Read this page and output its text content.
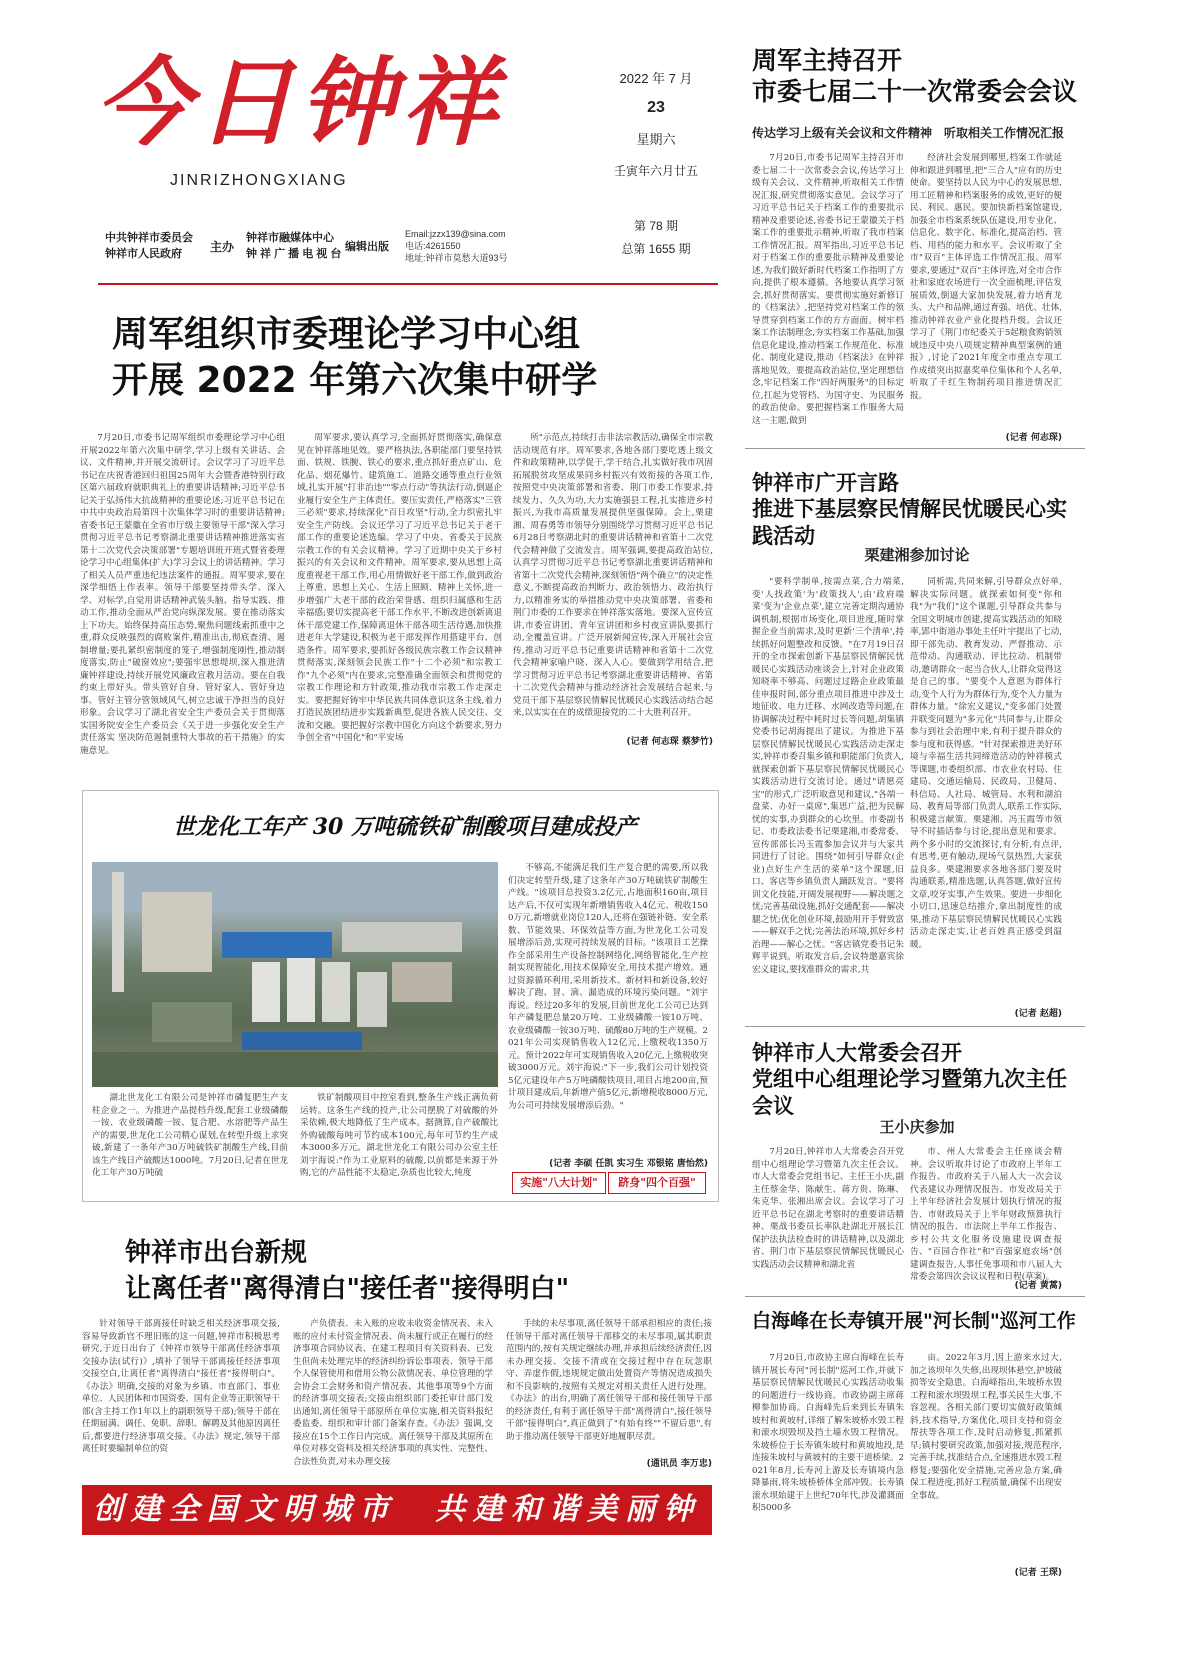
今日钟祥
JINRIZHONGXIANG
中共钟祥市委员会
钟祥市人民政府	主办
钟祥市融媒体中心
钟 祥 广 播 电 视 台
编辑出版
Email:jzzx139@sina.com
电话:4261550
地址:钟祥市莫愁大道93号
2022 年 7 月
23
星期六
壬寅年六月廿五
第 78 期
总第 1655 期
周军主持召开
市委七届二十一次常委会会议
传达学习上级有关会议和文件精神　听取相关工作情况汇报

7月20日,市委书记周军主持召开市委七届二十一次常委会会议,传达学习上级有关会议、文件精神,听取相关工作情况汇报,研究贯彻落实意见。会议学习了习近平总书记关于档案工作的重要批示精神及重要论述,省委书记王蒙徽关于档案工作的重要批示精神,听取了我市档案工作情况汇报。周军指出,习近平总书记对于档案工作的重要批示精神及重要论述,为我们做好新时代档案工作指明了方向,提供了根本遵循。各地要认真学习领会,抓好贯彻落实。要贯彻实施好新修订的《档案法》,把坚持党对档案工作的领导贯穿到档案工作的方方面面。树牢档案工作法制理念,夯实档案工作基础,加强信息化建设,推动档案工作规范化、标准化、制度化建设,推动《档案法》在钟祥落地见效。要提高政治站位,坚定理想信念,牢记档案工作"四好两服务"的目标定位,扛起为党管档、为国守史、为民服务的政治使命。要把握档案工作服务大局这一主题,做到

经济社会发展到哪里,档案工作就延伸和跟进到哪里,把"三合人"应有的历史使命。要坚持以人民为中心的发展思想,用工匠精神和档案服务的成效,更好的便民、利民、惠民。要加快新档案馆建设,加强全市档案系统队伍建设,用专业化、信息化、数字化、标准化,提高治档、管档、用档的能力和水平。会议听取了全市"双百"主体评选工作情况汇报。周军要求,要通过"双百"主体评选,对全市合作社和家庭农场进行一次全面梳理,评估发展质效,倒逼大家加快发展,着力培育龙头、大户和品牌,通过育强、培优、壮体,推动钟祥农业产业化提档升级。会议还学习了《荆门市纪委关于5起粮食购销领域违反中央八项规定精神典型案例的通报》,讨论了2021年度全市重点专项工作成绩突出拟嘉奖单位集体和个人名单,听取了千红生物制药项目推进情况汇报。

(记者 何志琛)
周军组织市委理论学习中心组
开展 2022 年第六次集中研学

7月20日,市委书记周军组织市委理论学习中心组开展2022年第六次集中研学,学习上级有关讲话、会议、文件精神,并开展交流研讨。会议学习了习近平总书记在庆祝香港回归祖国25周年大会暨香港特别行政区第六届政府就职典礼上的重要讲话精神;习近平总书记关于弘扬伟大抗战精神的重要论述;习近平总书记在中共中央政治局第四十次集体学习时的重要讲话精神;省委书记王蒙徽在全省市厅级主要领导干部"深入学习贯彻习近平总书记考察湖北重要讲话精神推进落实省第十二次党代会决策部署"专题培训班开班式暨省委理论学习中心组集体(扩大)学习会议上的讲话精神。学习了相关人员严重违纪违法案件的通报。周军要求,要在深学细悟上作表率。领导干部要坚持带头学、深入学、对标学,自觉用讲话精神武装头脑、指导实践、推动工作,推动全面从严治党向纵深发展。要在推动落实上下功夫。始终保持高压态势,聚焦问题线索抓重中之重,群众反映强烈的腐败案件,精准出击,彻底查清、遏制增量;要扎紧织密制度的笼子,增强制度刚性,推动制度落实,防止"破窗效应";要强牢思想堤坝,深入推进清廉钟祥建设,持续开展党风廉政宣教月活动。要在自我约束上带好头。带头管好自身、管好家人、管好身边事、管好主管分管领域风气,树立忠诚干净担当的良好形象。会议学习了湖北省安全生产委员会关于贯彻落实国务院安全生产委员会《关于进一步强化安全生产责任落实 坚决防范遏制重特大事故的若干措施》的实施意见。

周军要求,要认真学习,全面抓好贯彻落实,确保意见在钟祥落地见效。要严格执法,各职能部门要坚持铁面、铁规、铁腕、铁心的要求,重点抓好重点矿山、危化品、烟花爆竹、建筑施工、道路交通等重点行业领域,扎实开展"打非治违""零点行动"等执法行动,倒逼企业履行安全生产主体责任。要压实责任,严格落实"三管三必须"要求,持续深化"百日攻坚"行动,全力织密扎牢安全生产防线。会议还学习了习近平总书记关于老干部工作的重要论述选编。学习了中央、省委关于民族宗教工作的有关会议精神。学习了近期中央关于乡村振兴的有关会议和文件精神。周军要求,要从思想上高度重视老干部工作,用心用情做好老干部工作,做到政治上尊重、思想上关心、生活上照顾、精神上关怀,进一步增强广大老干部的政治荣誉感、组织归属感和生活幸福感;要切实提高老干部工作水平,不断改进创新离退休干部党建工作,保障离退休干部各项生活待遇,加快推进老年大学建设,积极为老干部发挥作用搭建平台、创造条件。周军要求,要抓好各级民族宗教工作会议精神贯彻落实,深刻领会民族工作"十二个必须"和宗教工作"九个必须"内在要求,完整准确全面领会和贯彻党的宗教工作理论和方针政策,推动我市宗教工作走深走实。要把握好铸牢中华民族共同体意识这条主线,着力打造民族团结进步实践新典型,促进各族人民交往、交流和交融。要把握好宗教中国化方向这个新要求,努力争创全省"中国化"和"平安场

所"示范点,持续打击非法宗教活动,确保全市宗教活动规范有序。周军要求,各地各部门要吃透上级文件和政策精神,以学促干,学干结合,扎实做好我市巩固拓展脱贫攻坚成果同乡村振兴有效衔接的各项工作,按照党中央决策部署和省委、荆门市委工作要求,持续发力、久久为功,大力实施强县工程,扎实推进乡村振兴,为我市高质量发展提供坚强保障。会上,栗建湘、周春勇等市领导分别围绕学习贯彻习近平总书记6月28日考察湖北时的重要讲话精神和省第十二次党代会精神做了交流发言。周军强调,要提高政治站位,认真学习贯彻习近平总书记考察湖北重要讲话精神和省第十二次党代会精神,深刻领悟"两个确立"的决定性意义,不断提高政治判断力、政治领悟力、政治执行力,以精准务实的举措推动党中央决策部署、省委和荆门市委的工作要求在钟祥落实落地。要深入宣传宣讲,市委宣讲团、青年宣讲团和乡村夜宣讲队要抓行动,全覆盖宣讲。广泛开展新闻宣传,深入开展社会宣传,推动习近平总书记重要讲话精神和省第十二次党代会精神家喻户晓、深入人心。要做到学用结合,把学习贯彻习近平总书记考察湖北重要讲话精神、省第十二次党代会精神与推动经济社会发展结合起来,与党员干部下基层察民情解民忧暖民心实践活动结合起来,以实实在在的成绩迎接党的二十大胜利召开。

(记者 何志琛 蔡梦竹)
世龙化工年产 30 万吨硫铁矿制酸项目建成投产

湖北世龙化工有限公司是钟祥市磷复肥生产支柱企业之一。为推进产品提档升级,配套工业级磷酸一铵、农业级磷酸一铵、复合肥、水溶肥等产品生产的需要,世龙化工公司精心谋划,在转型升级上求突破,新建了一条年产30万吨硫铁矿制酸生产线,目前该生产线日产硫酸达1000吨。7月20日,记者在世龙化工年产30万吨硫

铁矿制酸项目中控室看到,整条生产线正满负荷运转。这条生产线的投产,让公司摆脱了对硫酸的外采依赖,极大地降低了生产成本。据测算,自产硫酸比外购硫酸每吨可节约成本100元,每年可节约生产成本3000多万元。湖北世龙化工有限公司办公室主任刘宇海说:"作为工业原料的硫酸,以前都是来源于外购,它的产品性能不太稳定,杂质也比较大,纯度

不够高,不能满足我们生产复合肥的需要,所以我们决定转型升级,建了这条年产30万吨硫铁矿制酸生产线。"该项目总投资3.2亿元,占地面积160亩,项目达产后,不仅可实现年新增销售收入4亿元、税收1500万元,新增就业岗位120人,还将在强链补链、安全系数、节能效果、环保效益等方面,为世龙化工公司发展增添后劲,实现可持续发展的目标。"该项目工艺操作全部采用生产设备控制网络化,网络智能化,生产控制实现智能化,用技术保障安全,用技术提产增效。通过资源循环利用,采用新技术、新材料和新设备,较好解决了跑、冒、滴、漏造成的环境污染问题。"刘宇海说。经过20多年的发展,目前世龙化工公司已达到年产磷复肥总量20万吨、工业级磷酸一铵10万吨、农业级磷酸一铵30万吨、硫酸80万吨的生产规模。2021年公司实现销售收入12亿元,上缴税收1350万元。预计2022年可实现销售收入20亿元,上缴税收突破3000万元。刘宇海说:"下一步,我们公司计划投资5亿元建设年产5万吨磷酸铁项目,项目占地200亩,预计项目建成后,年新增产值5亿元,新增税收8000万元,为公司可持续发展增添后劲。"

(记者 李硕 任凯 实习生 邓银铭 唐怡然)
实施"八大计划"	跻身"四个百强"
钟祥市出台新规
让离任者"离得清白"接任者"接得明白"

针对领导干部离接任时缺乏相关经济事项交接,容易导致新官不理旧账的这一问题,钟祥市积极思考研究,于近日出台了《钟祥市领导干部离任经济事项交接办法(试行)》,填补了领导干部离接任经济事项交接空白,让离任者"离得清白"接任者"接得明白"。《办法》明确,交接的对象为乡镇、市直部门、事业单位、人民团体和市国资委、国有企业等正职领导干部(含主持工作1年以上的副职领导干部);领导干部在任期届满、调任、免职、辞职、解聘及其他原因离任后,都要进行经济事项交接。《办法》规定,领导干部离任时要编制单位的资

产负债表、未入账的应收未收资金情况表、未入账的应付未付资金情况表、尚未履行或正在履行的经济事项合同协议表、在建工程项目有关资料表、已发生但尚未处理完毕的经济纠纷诉讼事项表、领导干部个人保管使用和借用公物公款情况表、单位管理的学会协会工会财务和资产情况表、其他事项等9个方面的经济事项交接表;交接由组织部门委托审计部门发出通知,离任领导干部原所在单位实施,相关资料报纪委监委、组织和审计部门备案存查。《办法》强调,交接应在15个工作日内完成。离任领导干部及其原所在单位对移交资料及相关经济事项的真实性、完整性、合法性负责,对未办理交接

手续的未尽事项,离任领导干部承担相应的责任;接任领导干部对离任领导干部移交的未尽事项,属其职责范围内的,按有关规定继续办理,并承担后续经济责任,因未办理交接、交接不清或在交接过程中存在玩忽职守、弄虚作假,违规规定做出处置资产等情况造成损失和不良影响的,按照有关规定对相关责任人进行处理。《办法》的出台,明确了离任领导干部和接任领导干部的经济责任,有利于离任领导干部"离得清白",接任领导干部"接得明白",真正做到了"有始有终""不留后患",有助于推动离任领导干部更好地履职尽责。

(通讯员 李万忠)
创建全国文明城市　共建和谐美丽钟祥
钟祥市广开言路
推进下基层察民情解民忧暖民心实践活动
栗建湘参加讨论

"要科学制单,按需点菜,合力端菜,变'人找政策'为'政策找人',由'政府端菜'变为'企业点菜',建立完善定期沟通协调机制,根据市场变化,项目进度,随时掌握企业当前需求,及时更新'三个清单',持续抓好问题整改和反馈。"在7月19日召开的全市探索创新下基层察民情解民忧暖民心实践活动座谈会上,针对企业政策知晓率不够高、问题过过路企业政策最佳申报时间,部分重点项目推进中涉及土地征收、电力迁移、水网改造等问题,在协调解决过程中耗时过长等问题,胡集镇党委书记胡海提出了建议。为推进下基层察民情解民忧暖民心实践活动走深走实,钟祥市委召集乡镇和职能部门负责人,就探索创新下基层察民情解民忧暖民心实践活动进行交流讨论。通过"请愿亮宝"的形式,广泛听取意见和建议,"各端一盘菜、办好一桌席",集思广益,把为民解忧的实事,办到群众的心坎里。市委副书记、市委政法委书记栗建湘,市委常委、宣传部部长冯玉霞参加会议并与大家共同进行了讨论。围绕"如何引导群众(企业)点好生产生活的菜单"这个课题,旧口、客店等乡镇负责人踊跃发言。"要将训文化技能,开阔发展视野——解决题之忧;完善基础设施,抓好交通配套——解决腿之忧;优化创业环境,鼓励用开手臂致富——解双手之忧;完善法治环境,抓好乡村治理——解心之忧。"客店镇党委书记朱辉平说到。听取发言后,会议特邀嘉宾徐宏义建议,要找准群众的需求,共

同析需,共同来解,引导群众点好单,解决实际问题。就探索如何变"你和我"为"我们"这个课题,引导群众共参与全国文明城市创建,提高实践活动的知晓率,郢中街道办事处主任叶宇提出了七动,即干部先动、教育发动、严督推动、示范带动、沟通联动、评比拉动、机制带动,邀请群众一起当合伙人,让群众觉得这是自己的事。"要变个人意愿为群体行动,变个人行为为群体行为,变个人力量为群体力量。"徐宏义建议,"变多部门处置并联变问题为"多元化"共同参与,让群众参与到社会治理中来,有利于提升群众的参与度和获得感。"针对探索推进美好环境与幸福生活共同缔造活动的钟祥模式等课题,市委组织部、市农业农村局、住建局、交通运输局、民政局、卫健局、科信局、人社局、城管局、水利和湖泊局、教育局等部门负责人,联系工作实际,积极建言献策。栗建湘、冯玉霞等市领导不时插话参与讨论,提出意见和要求。两个多小时的交流探讨,有分析,有点评,有思考,更有触动,现场气氛热烈,大家获益良多。栗建湘要求各地各部门要及时沟通联系,精准选题,认真答题,做好宣传文章,咬牙实事,产生效果。要进一步细化小切口,迅速总结推介,拿出制度性的成果,推动下基层察民情解民忧暖民心实践活动走深走实,让老百姓真正感受到温暖。

(记者 赵超)
钟祥市人大常委会召开
党组中心组理论学习暨第九次主任会议
王小庆参加

7月20日,钟祥市人大常委会召开党组中心组理论学习暨第九次主任会议。市人大常委会党组书记、主任王小庆,副主任蔡金华、陈献生、蒋方贵、陈琳、朱克华、张湘出席会议。会议学习了习近平总书记在湖北考察时的重要讲话精神、栗战书委员长率队赴湖北开展长江保护法执法检查时的讲话精神,以及湖北省、荆门市下基层察民情解民忧暖民心实践活动会议精神和湖北省

市、州人大常委会主任座谈会精神。会议听取并讨论了市政府上半年工作报告、市政府关于八届人大一次会议代表建议办理情况报告、市发改局关于上半年经济社会发展计划执行情况的报告、市财政局关于上半年财政预算执行情况的报告、市法院上半年工作报告、乡村公共文化服务设施建设调查报告、"百园合作社"和"百强家庭农场"创建调查报告,人事任免事项和市八届人大常委会第四次会议议程和日程(草案)。

(记者 黄蒿)
白海峰在长寿镇开展"河长制"巡河工作

7月20日,市政协主席白海峰在长寿镇开展长寿河"河长制"巡河工作,并就下基层察民情解民忧暖民心实践活动收集的问题进行一线协商。市政协副主席蒋柳参加协商。白海峰先后来到长寿镇朱坡村和黄坡村,详细了解朱坡桥水毁工程和滚水坝毁坝及挡土墙水毁工程情况。朱坡桥位于长寿镇朱坡村和黄坡地段,是连接朱坡村与黄坡村的主要干道桥梁。2021年8月,长寿河上游及长寿镇境内急降暴雨,将朱坡桥桥体全部冲毁。长寿镇滚水坝始建于上世纪70年代,涉及灌溉面积5000多

亩。2022年3月,因上游来水过大,加之该坝年久失修,出现坝体悬空,护坡破损等安全隐患。白海峰指出,朱坡桥水毁工程和滚水坝毁坝工程,事关民生大事,不容忽视。各相关部门要切实做好政策倾斜,技术指导,方案优化,项目支持和资金帮扶等各项工作,及时启动修复,抓紧抓早;镇村要研究政策,加强对接,规范程序,完善手续,找准结合点,全速推进水毁工程修复;要强化安全措施,完善应急方案,确保工程进度,抓好工程质量,确保不出现安全事故。

(记者 王琛)
